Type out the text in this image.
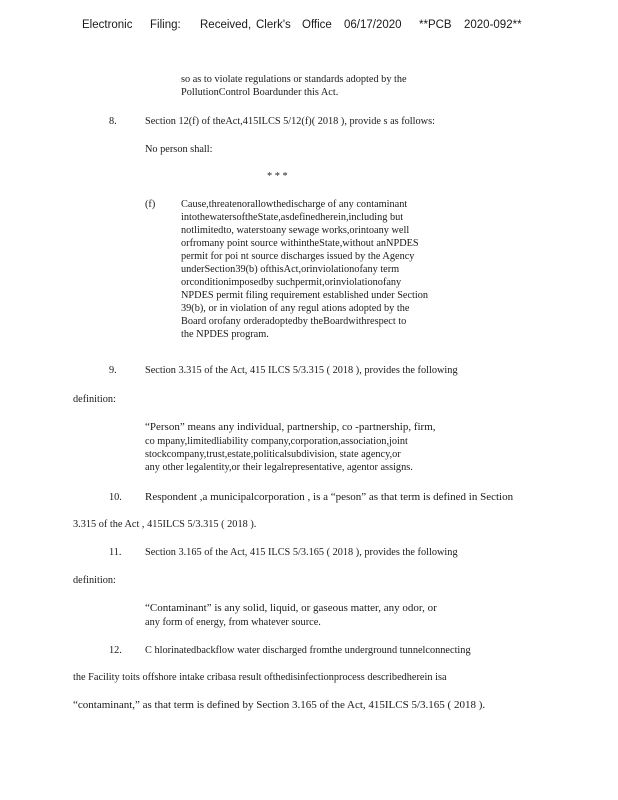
Electronic Filing: Received, Clerk's Office 06/17/2020 **PCB 2020-092**
so as to violate regulations or standards adopted by the
PollutionControl Boardunder this Act.
8.	Section 12(f) of theAct,415ILCS 5/12(f)( 2018 ), provide s as follows:
No person shall:
* * *
(f) Cause,threatenorallowthedischarge of any contaminant
intothewatersoftheState,asdefinedherein,including but
notlimitedto, waterstoany sewage works,orintoany well
orfromany point source withintheState,without anNPDES
permit for poi nt source discharges issued by the Agency
underSection39(b) ofthisAct,orinviolationofany term
orconditionimposedby suchpermit,orinviolationofany
NPDES permit filing requirement established under Section
39(b), or in violation of any regul ations adopted by the
Board orofany orderadoptedby theBoardwithrespect to
the NPDES program.
9.	Section 3.315 of the Act, 415 ILCS 5/3.315 ( 2018 ), provides the following
definition:
“Person” means any individual, partnership, co -partnership, firm,
co mpany,limitedliability company,corporation,association,joint
stockcompany,trust,estate,politicalsubdivision, state agency,or
any other legalentity,or their legalrepresentative, agentor assigns.
10. Respondent ,a municipalcorporation , is a “peson” as that term is defined in Section
3.315 of the Act , 415ILCS 5/3.315 ( 2018 ).
11. Section 3.165 of the Act, 415 ILCS 5/3.165 ( 2018 ), provides the following
definition:
“Contaminant” is any solid, liquid, or gaseous matter, any odor, or
any form of energy, from whatever source.
12. C hlorinatedbackflow water discharged fromthe underground tunnelconnecting
the Facility toits offshore intake cribasa result ofthedisinfectionprocess describedherein isa
“contaminant,” as that term is defined by Section 3.165 of the Act, 415ILCS 5/3.165 ( 2018 ).
